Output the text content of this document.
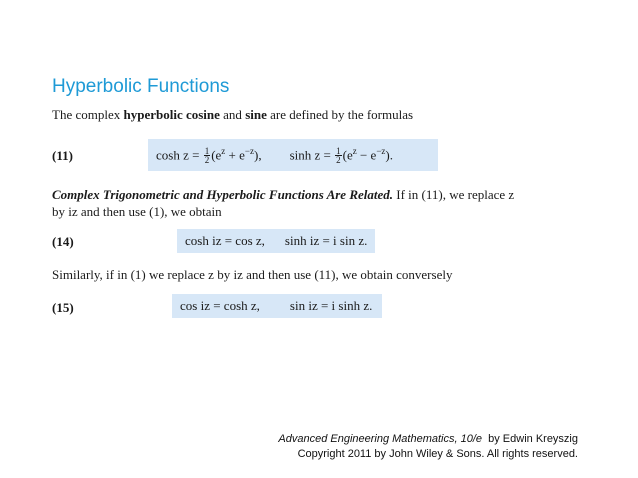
Hyperbolic Functions
The complex hyperbolic cosine and sine are defined by the formulas
(11)	$\cosh z = \frac{1}{2} (e^z + e^{-z})$, $\sinh z = \frac{1}{2} (e^z - e^{-z})$.
Complex Trigonometric and Hyperbolic Functions Are Related. If in (11), we replace z
by iz and then use (1), we obtain
(14)	cosh iz = cos z, sinh iz = i sin z.
Similarly, if in (1) we replace z by iz and then use (11), we obtain conversely
(15)	cos iz = cosh z, sin iz = i sinh z.
Advanced Engineering Mathematics, 10/e  by Edwin Kreyszig
Copyright 2011 by John Wiley & Sons. All rights reserved.
